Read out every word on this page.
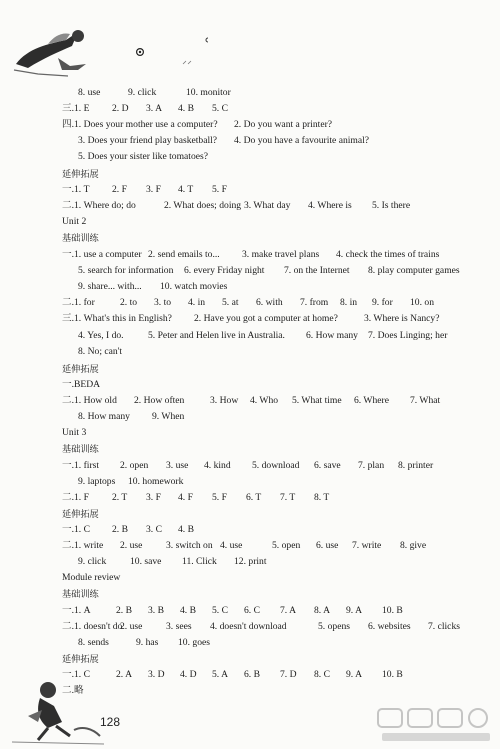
8. use	9. click	10. monitor
三.1. E 2. D 3. A 4. B 5. C
四.1. Does your mother use a computer? 2. Do you want a printer?
3. Does your friend play basketball? 4. Do you have a favourite animal?
5. Does your sister like tomatoes?
延伸拓展
一.1. T 2. F 3. F 4. T 5. F
二.1. Where do; do	2. What does; doing 3. What day 4. Where is 5. Is there
Unit 2
基础训练
一.1. use a computer 2. send emails to... 3. make travel plans 4. check the times of trains
5. search for information 6. every Friday night 7. on the Internet 8. play computer games
9. share... with... 10. watch movies
二.1. for	2. to 3. to 4. in 5. at 6. with 7. from 8. in 9. for 10. on
三.1. What's this in English? 2. Have you got a computer at home?	3. Where is Nancy?
4. Yes, I do.	5. Peter and Helen live in Australia. 6. How many 7. Does Linging; her
8. No; can't
延伸拓展
一.BEDA
二.1. How old 2. How often	3. How 4. Who 5. What time 6. Where 7. What
8. How many 9. When
Unit 3
基础训练
一.1. first 2. open 3. use 4. kind 5. download 6. save 7. plan 8. printer
9. laptops 10. homework
二.1. F 2. T 3. F 4. F 5. F 6. T 7. T 8. T
延伸拓展
一.1. C 2. B 3. C 4. B
二.1. write 2. use 3. switch on 4. use	5. open 6. use 7. write 8. give
9. click 10. save 11. Click 12. print
Module review
基础训练
一.1. A	2. B 3. B 4. B 5. C 6. C 7. A 8. A 9. A 10. B
二.1. doesn't do
2. use 3. sees 4. doesn't download	5. opens 6. websites 7. clicks
8. sends	9. has 10. goes
延伸拓展
一.1. C	2. A 3. D 4. D 5. A 6. B 7. D 8. C 9. A 10. B
二.略
128
